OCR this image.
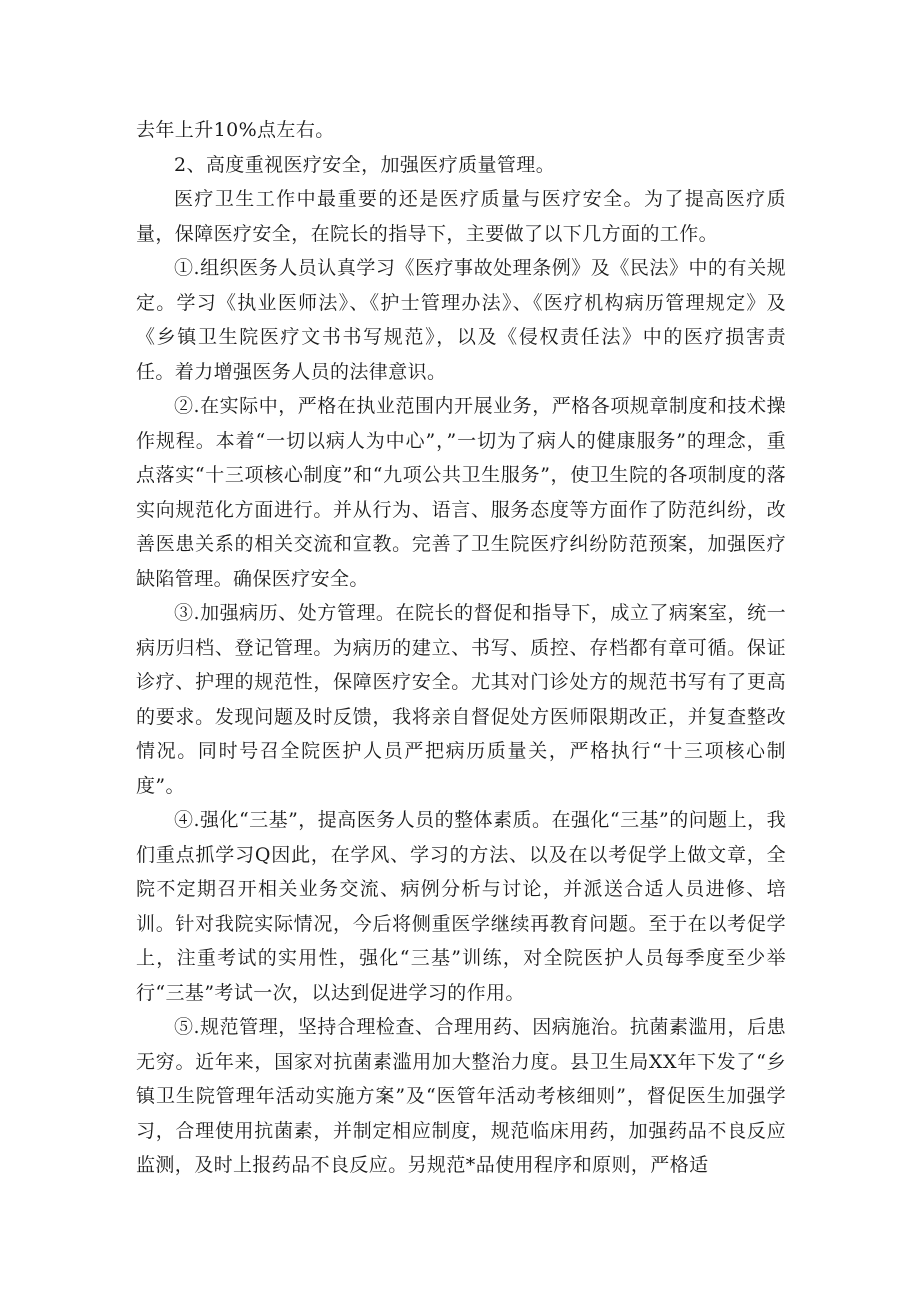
去年上升10%点左右。

2、高度重视医疗安全，加强医疗质量管理。

医疗卫生工作中最重要的还是医疗质量与医疗安全。为了提高医疗质量，保障医疗安全，在院长的指导下，主要做了以下几方面的工作。

①.组织医务人员认真学习《医疗事故处理条例》及《民法》中的有关规定。学习《执业医师法》、《护士管理办法》、《医疗机构病历管理规定》及《乡镇卫生院医疗文书书写规范》，以及《侵权责任法》中的医疗损害责任。着力增强医务人员的法律意识。

②.在实际中，严格在执业范围内开展业务，严格各项规章制度和技术操作规程。本着“一切以病人为中心”，”一切为了病人的健康服务”的理念，重点落实“十三项核心制度”和“九项公共卫生服务”，使卫生院的各项制度的落实向规范化方面进行。并从行为、语言、服务态度等方面作了防范纠纷，改善医患关系的相关交流和宣教。完善了卫生院医疗纠纷防范预案，加强医疗缺陷管理。确保医疗安全。

③.加强病历、处方管理。在院长的督促和指导下，成立了病案室，统一病历归档、登记管理。为病历的建立、书写、质控、存档都有章可循。保证诊疗、护理的规范性，保障医疗安全。尤其对门诊处方的规范书写有了更高的要求。发现问题及时反馈，我将亲自督促处方医师限期改正，并复查整改情况。同时号召全院医护人员严把病历质量关，严格执行“十三项核心制度”。

④.强化“三基”，提高医务人员的整体素质。在强化“三基”的问题上，我们重点抓学习Q因此，在学风、学习的方法、以及在以考促学上做文章，全院不定期召开相关业务交流、病例分析与讨论，并派送合适人员进修、培训。针对我院实际情况，今后将侧重医学继续再教育问题。至于在以考促学上，注重考试的实用性，强化“三基”训练，对全院医护人员每季度至少举行“三基”考试一次，以达到促进学习的作用。

⑤.规范管理，坚持合理检查、合理用药、因病施治。抗菌素滥用，后患无穷。近年来，国家对抗菌素滥用加大整治力度。县卫生局XX年下发了“乡镇卫生院管理年活动实施方案”及“医管年活动考核细则”，督促医生加强学习，合理使用抗菌素，并制定相应制度，规范临床用药，加强药品不良反应监测，及时上报药品不良反应。另规范*品使用程序和原则，严格适
